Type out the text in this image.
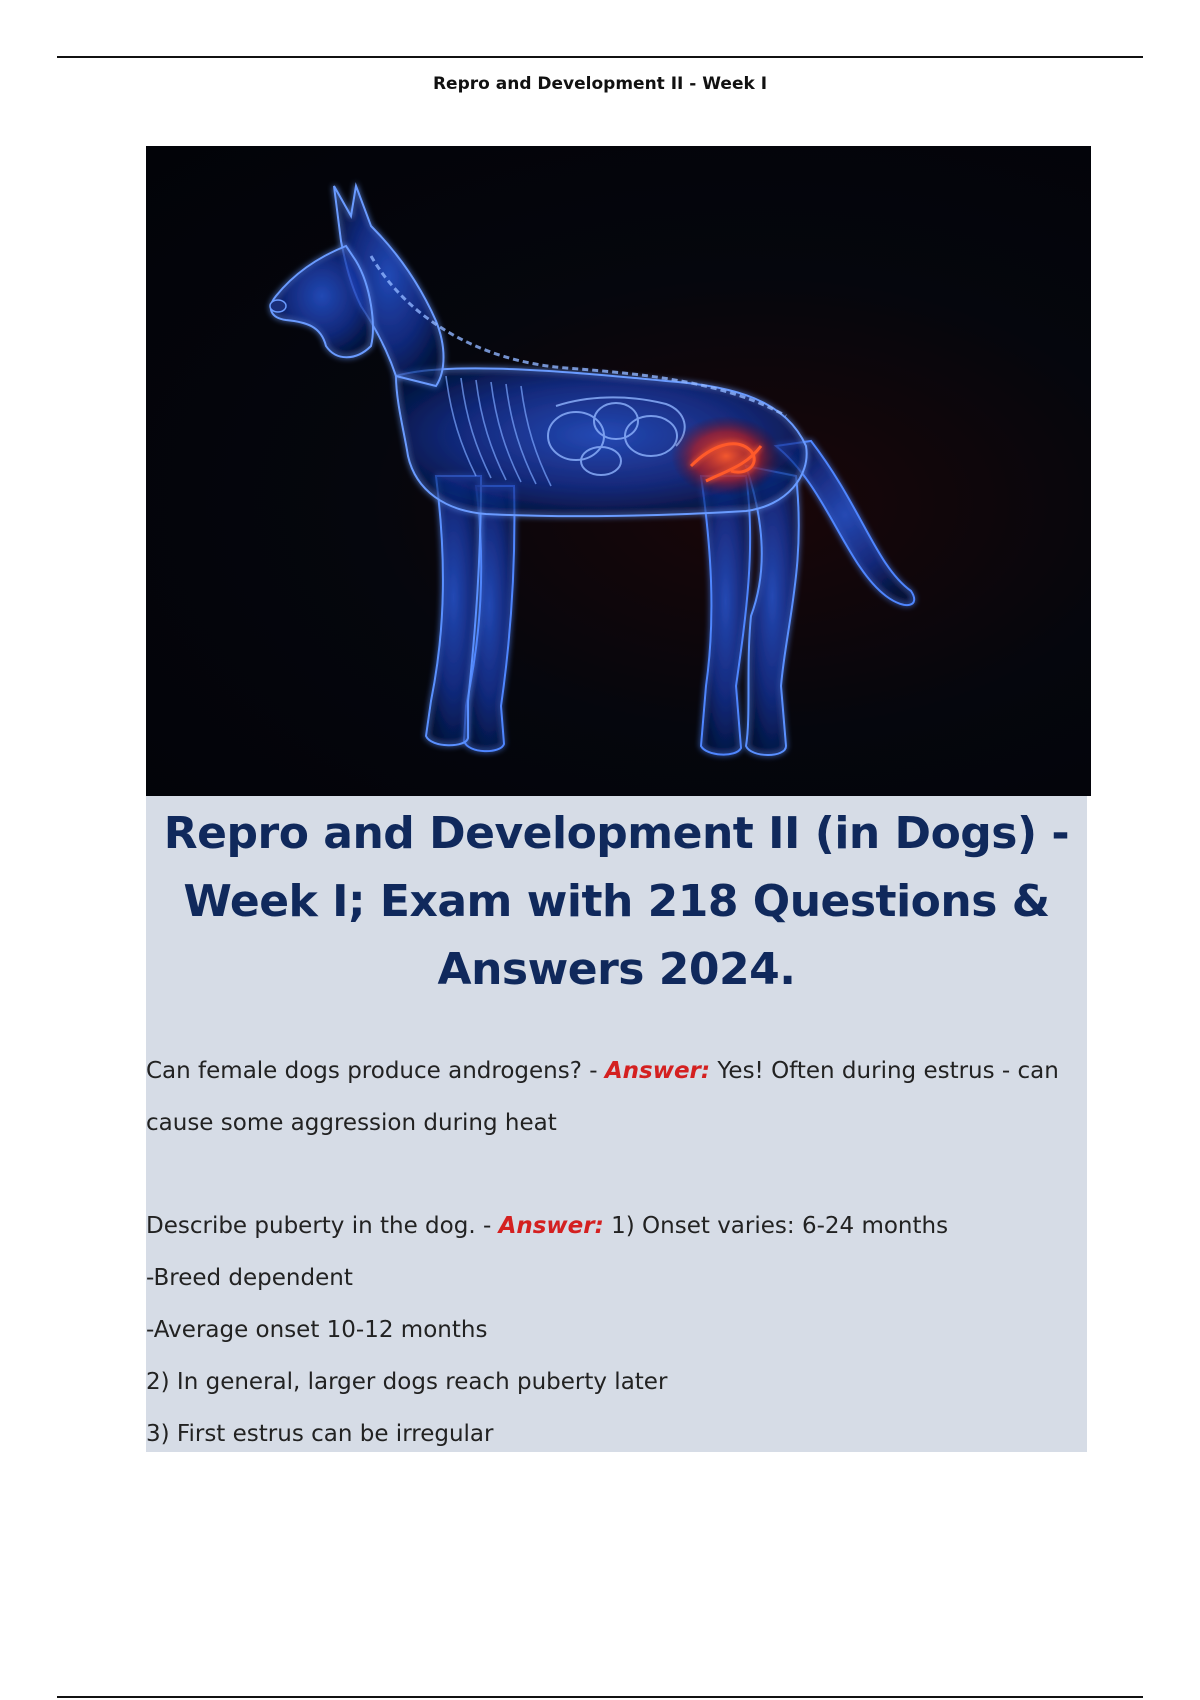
Repro and Development II - Week I
Repro and Development II (in Dogs) -
Week I; Exam with 218 Questions &
Answers 2024.
Can female dogs produce androgens? - Answer: Yes! Often during estrus - can
cause some aggression during heat
Describe puberty in the dog. - Answer: 1) Onset varies: 6-24 months
-Breed dependent
-Average onset 10-12 months
2) In general, larger dogs reach puberty later
3) First estrus can be irregular
